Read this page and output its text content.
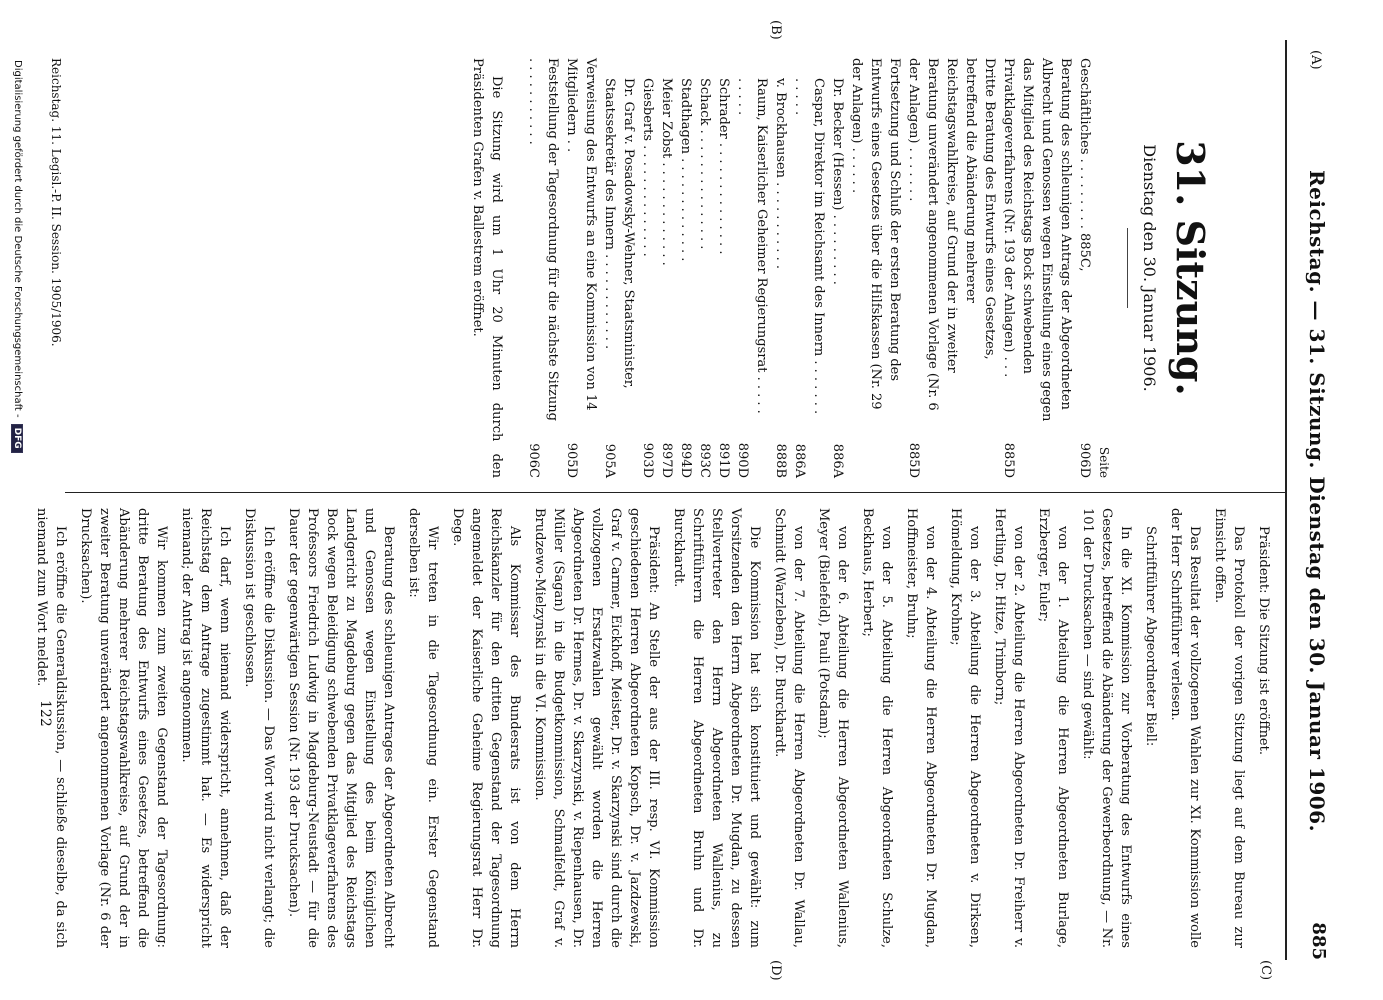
(A)
Reichstag. — 31. Sitzung. Dienstag den 30. Januar 1906.
885
(B)
(C)
(D)
31. Sitzung.
Dienstag den 30. Januar 1906.
Seite
Geschäftliches . . . . . . . . . 885C,	906D
Beratung des schleunigen Antrags der Abgeordneten Albrecht und Genossen wegen Einstellung eines gegen das Mitglied des Reichstags Bock schwebenden Privatklageverfahrens (Nr. 193 der Anlagen) . . .	885D
Dritte Beratung des Entwurfs eines Gesetzes, betreffend die Abänderung mehrerer Reichstagswahlkreise, auf Grund der in zweiter Beratung unverändert angenommenen Vorlage (Nr. 6 der Anlagen) . . . . . . .	885D
Fortsetzung und Schluß der ersten Beratung des Entwurfs eines Gesetzes über die Hilfskassen (Nr. 29 der Anlagen) . . . . . .	
Dr. Becker (Hessen) . . . . . . . . .	886A
Caspar, Direktor im Reichsamt des Innern . . . . . . . . . . . .	886A
v. Brockhausen . . . . . . . . . . .	888B
Raum, Kaiserlicher Geheimer Regierungsrat . . . . . . . . . .	890D
Schrader . . . . . . . . . . . . . .	891D
Schack . . . . . . . . . . . . . . .	893C
Stadthagen . . . . . . . . . . . . .	894D
Meier Zobst . . . . . . . . . . . . .	897D
Giesberts . . . . . . . . . . . . . .	903D
Dr. Graf v. Posadowsky-Wehner, Staatsminister, Staatssekretär des Innern . . . . . . . . . . . .	905A
Verweisung des Entwurfs an eine Kommission von 14 Mitgliedern . .	905D
Feststellung der Tagesordnung für die nächste Sitzung . . . . . . . . . . .	906C

Die Sitzung wird um 1 Uhr 20 Minuten durch den Präsidenten Grafen v. Ballestrem eröffnet.

Präsident: Die Sitzung ist eröffnet.

Das Protokoll der vorigen Sitzung liegt auf dem Bureau zur Einsicht offen.

Das Resultat der vollzogenen Wahlen zur XI. Kommission wolle der Herr Schriftführer verlesen.

Schriftführer Abgeordneter Biell:

In die XI. Kommission zur Vorberatung des Entwurfs eines Gesetzes, betreffend die Abänderung der Gewerbeordnung, — Nr. 101 der Drucksachen — sind gewählt:

von der 1. Abteilung die Herren Abgeordneten Burlage, Erzberger, Euler;

von der 2. Abteilung die Herren Abgeordneten Dr. Freiherr v. Hertling, Dr. Hitze, Trimborn;

von der 3. Abteilung die Herren Abgeordneten v. Dirksen, Hömeldung, Krohne;

von der 4. Abteilung die Herren Abgeordneten Dr. Mugdan, Hoffmeister, Bruhn;

von der 5. Abteilung die Herren Abgeordneten Schulze, Beckhaus, Herbert;

von der 6. Abteilung die Herren Abgeordneten Wallenius, Meyer (Bielefeld), Pauli (Potsdam);

von der 7. Abteilung die Herren Abgeordneten Dr. Wallau, Schmidt (Warzleben), Dr. Burckhardt.

Die Kommission hat sich konstituiert und gewählt: zum Vorsitzenden den Herrn Abgeordneten Dr. Mugdan, zu dessen Stellvertreter den Herrn Abgeordneten Wallenius, zu Schriftführern die Herren Abgeordneten Bruhn und Dr. Burckhardt.

Präsident: An Stelle der aus der III. resp. VI. Kommission geschiedenen Herren Abgeordneten Kopsch, Dr. v. Jazdzewski, Graf v. Carmer, Eickhoff, Meister, Dr. v. Skarzynski sind durch die vollzogenen Ersatzwahlen gewählt worden die Herren Abgeordneten Dr. Hermes, Dr. v. Skarzynski, v. Riepenhausen, Dr. Müller (Sagan) in die Budgetkommission, Schmalfeldt, Graf v. Brudzewo-Mielzynski in die VI. Kommission.

Als Kommissar des Bundesrats ist von dem Herrn Reichskanzler für den dritten Gegenstand der Tagesordnung angemeldet der Kaiserliche Geheime Regierungsrat Herr Dr. Dege.

Wir treten in die Tagesordnung ein. Erster Gegenstand derselben ist:

Beratung des schleunigen Antrages der Abgeordneten Albrecht und Genossen wegen Einstellung des beim Königlichen Landgericht zu Magdeburg gegen das Mitglied des Reichstags Bock wegen Beleidigung schwebenden Privatklageverfahrens des Professors Friedrich Ludwig in Magdeburg-Neustadt — für die Dauer der gegenwärtigen Session (Nr. 193 der Drucksachen).

Ich eröffne die Diskussion. — Das Wort wird nicht verlangt; die Diskussion ist geschlossen.

Ich darf, wenn niemand widerspricht, annehmen, daß der Reichstag dem Antrage zugestimmt hat. — Es widerspricht niemand; der Antrag ist angenommen.

Wir kommen zum zweiten Gegenstand der Tagesordnung: dritte Beratung des Entwurfs eines Gesetzes, betreffend die Abänderung mehrerer Reichstagswahlkreise, auf Grund der in zweiter Beratung unverändert angenommenen Vorlage (Nr. 6 der Drucksachen).

Ich eröffne die Generaldiskussion, — schließe dieselbe, da sich niemand zum Wort meldet.

Reichstag. 11. Legisl.-P. II. Session. 1905/1906.
122
Digitalisierung gefördert durch die Deutsche Forschungsgemeinschaft -DFG
